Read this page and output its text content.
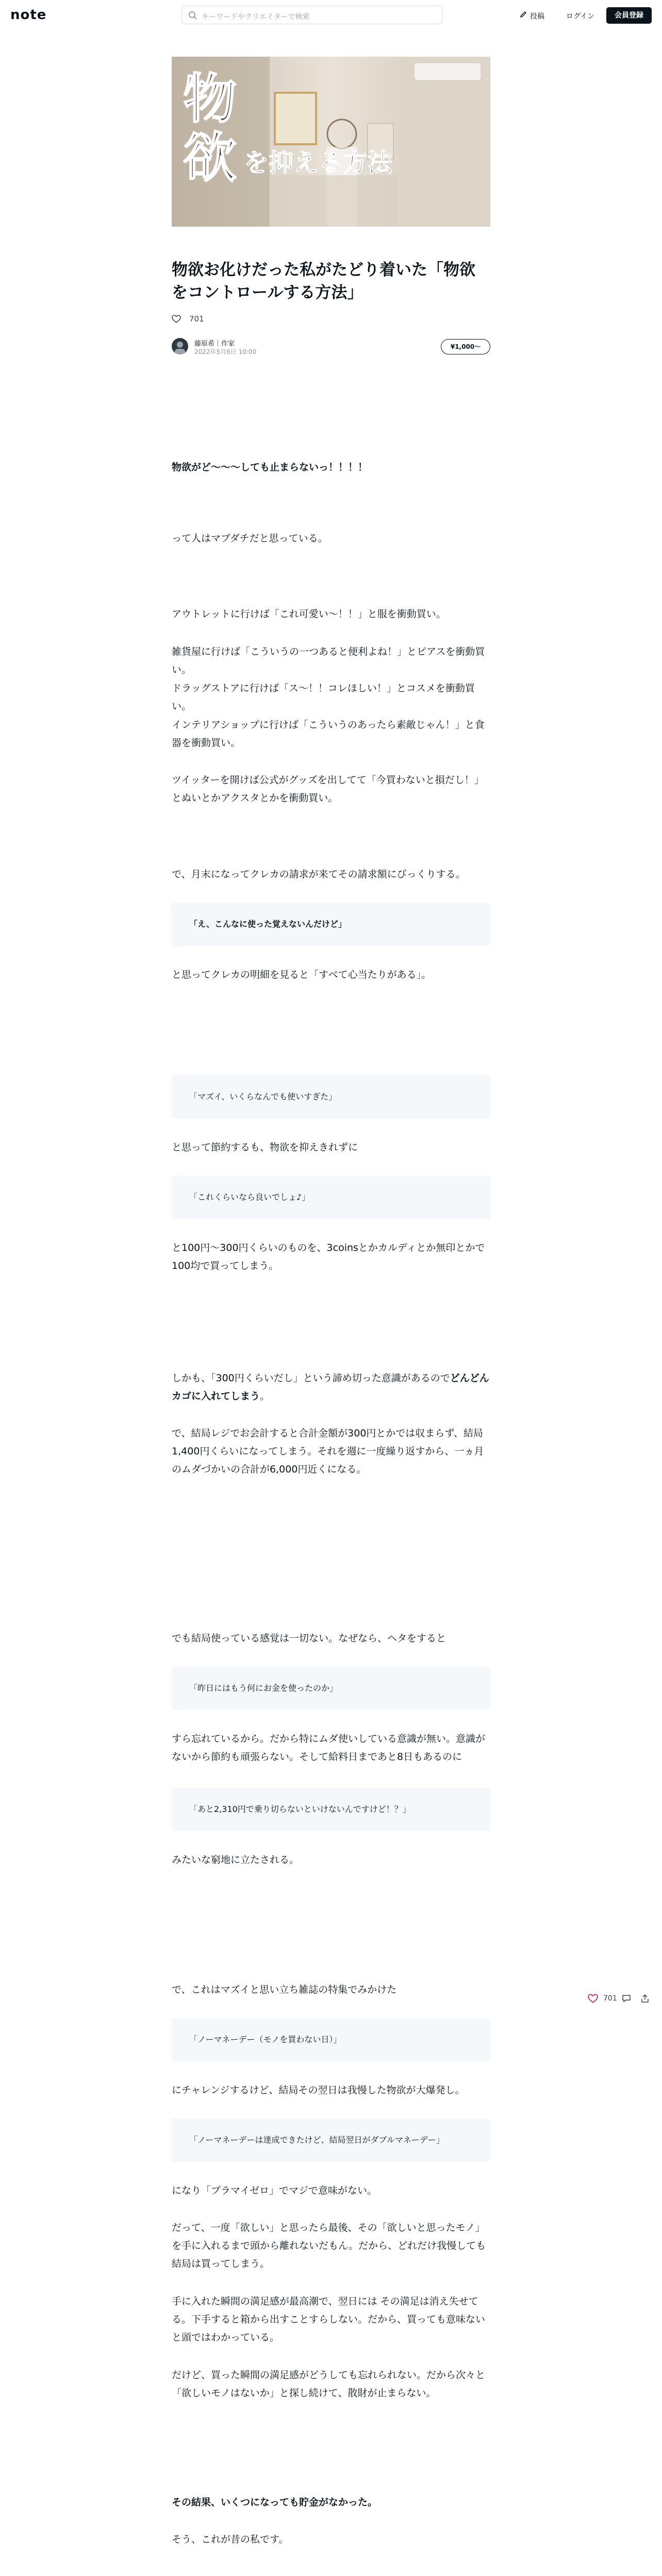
note	キーワードやクリエイターで検索	投稿	ログイン	会員登録
物
欲 を抑える方法
物欲お化けだった私がたどり着いた「物欲をコントロールする方法」
701
藤原希｜作家
2022年5月6日 10:00
¥1,000〜

物欲がど〜〜〜しても止まらないっ！！！！

って人はマブダチだと思っている。

アウトレットに行けば「これ可愛い〜！！」と服を衝動買い。

雑貨屋に行けば「こういうの一つあると便利よね！」とピアスを衝動買い。

ドラッグストアに行けば「ス〜！！コレほしい！」とコスメを衝動買い。

インテリアショップに行けば「こういうのあったら素敵じゃん！」と食器を衝動買い。

ツイッターを開けば公式がグッズを出してて「今買わないと損だし！」とぬいとかアクスタとかを衝動買い。

で、月末になってクレカの請求が来てその請求額にびっくりする。

「え、こんなに使った覚えないんだけど」

と思ってクレカの明細を見ると「すべて心当たりがある」。

「マズイ、いくらなんでも使いすぎた」

と思って節約するも、物欲を抑えきれずに

「これくらいなら良いでしょ♪」

と100円〜300円くらいのものを、3coinsとかカルディとか無印とかで100均で買ってしまう。

しかも、「300円くらいだし」という諦め切った意識があるのでどんどんカゴに入れてしまう。

で、結局レジでお会計すると合計金額が300円とかでは収まらず、結局1,400円くらいになってしまう。それを週に一度繰り返すから、一ヵ月のムダづかいの合計が6,000円近くになる。

でも結局使っている感覚は一切ない。なぜなら、ヘタをすると

「昨日にはもう何にお金を使ったのか」

すら忘れているから。だから特にムダ使いしている意識が無い。意識がないから節約も頑張らない。そして給料日まであと8日もあるのに

「あと2,310円で乗り切らないといけないんですけど！？」

みたいな窮地に立たされる。

で、これはマズイと思い立ち雑誌の特集でみかけた

「ノーマネーデー（モノを買わない日）」

にチャレンジするけど、結局その翌日は我慢した物欲が大爆発し。

「ノーマネーデーは達成できたけど、結局翌日がダブルマネーデー」

になり「プラマイゼロ」でマジで意味がない。

だって、一度「欲しい」と思ったら最後、その「欲しいと思ったモノ」を手に入れるまで頭から離れないだもん。だから、どれだけ我慢しても結局は買ってしまう。

手に入れた瞬間の満足感が最高潮で、翌日には その満足は消え失せてる。下手すると箱から出すことすらしない。だから、買っても意味ないと頭ではわかっている。

だけど、買った瞬間の満足感がどうしても忘れられない。だから次々と「欲しいモノはないか」と探し続けて、散財が止まらない。

その結果、いくつになっても貯金がなかった。

そう、これが昔の私です。

701
